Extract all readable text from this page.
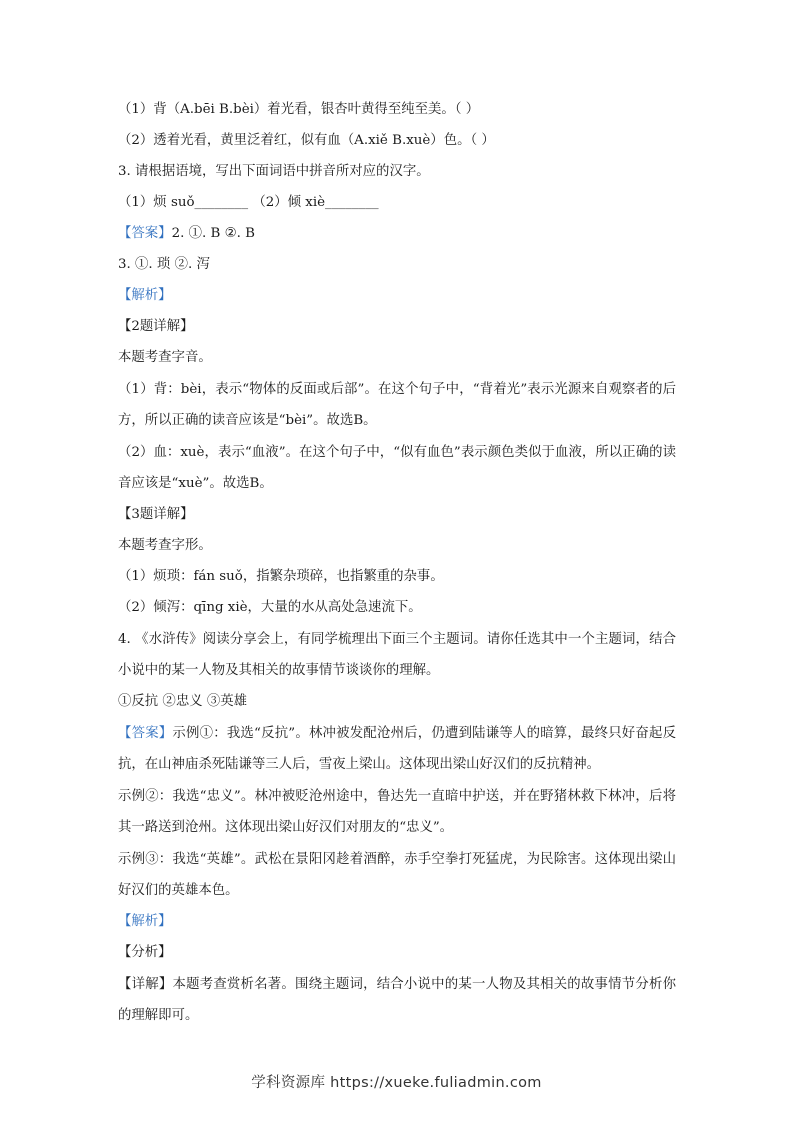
（1）背（A.bēi B.bèi）着光看，银杏叶黄得至纯至美。（ ）
（2）透着光看，黄里泛着红，似有血（A.xiě B.xuè）色。（ ）
3. 请根据语境，写出下面词语中拼音所对应的汉字。
（1）烦 suǒ________ （2）倾 xiè________
【答案】2. ①. B ②. B
3. ①. 琐 ②. 泻
【解析】
【2题详解】
本题考查字音。
（1）背：bèi，表示“物体的反面或后部”。在这个句子中，“背着光”表示光源来自观察者的后方，所以正确的读音应该是“bèi”。故选B。
（2）血：xuè，表示“血液”。在这个句子中，“似有血色”表示颜色类似于血液，所以正确的读音应该是“xuè”。故选B。
【3题详解】
本题考查字形。
（1）烦琐：fán suǒ，指繁杂琐碎，也指繁重的杂事。
（2）倾泻：qīng xiè，大量的水从高处急速流下。
4. 《水浒传》阅读分享会上，有同学梳理出下面三个主题词。请你任选其中一个主题词，结合小说中的某一人物及其相关的故事情节谈谈你的理解。
①反抗 ②忠义 ③英雄
【答案】示例①：我选“反抗”。林冲被发配沧州后，仍遭到陆谦等人的暗算，最终只好奋起反抗，在山神庙杀死陆谦等三人后，雪夜上梁山。这体现出梁山好汉们的反抗精神。
示例②：我选“忠义”。林冲被贬沧州途中，鲁达先一直暗中护送，并在野猪林救下林冲，后将其一路送到沧州。这体现出梁山好汉们对朋友的“忠义”。
示例③：我选“英雄”。武松在景阳冈趁着酒醉，赤手空拳打死猛虎，为民除害。这体现出梁山好汉们的英雄本色。
【解析】
【分析】
【详解】本题考查赏析名著。围绕主题词，结合小说中的某一人物及其相关的故事情节分析你的理解即可。
学科资源库 https://xueke.fuliadmin.com
